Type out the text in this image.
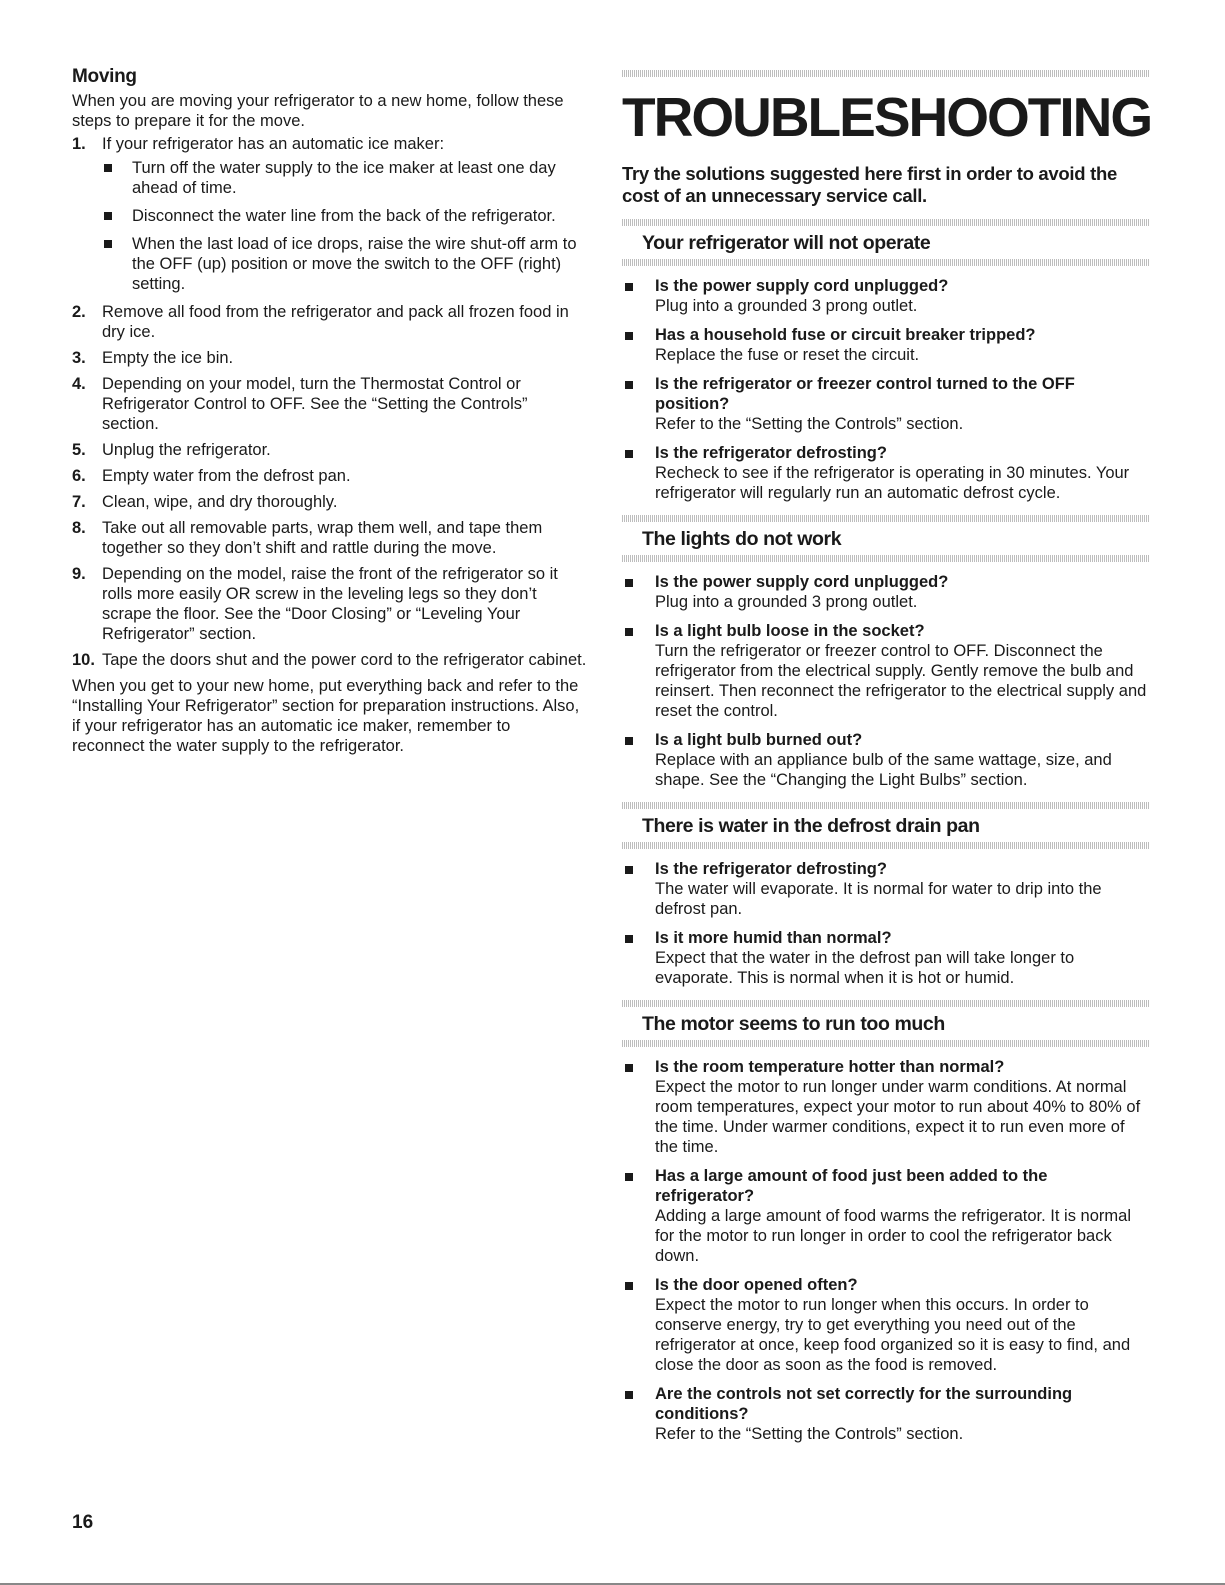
Moving

When you are moving your refrigerator to a new home, follow these steps to prepare it for the move.

1. If your refrigerator has an automatic ice maker:
Turn off the water supply to the ice maker at least one day ahead of time.
Disconnect the water line from the back of the refrigerator.
When the last load of ice drops, raise the wire shut-off arm to the OFF (up) position or move the switch to the OFF (right) setting.
2. Remove all food from the refrigerator and pack all frozen food in dry ice.
3. Empty the ice bin.
4. Depending on your model, turn the Thermostat Control or Refrigerator Control to OFF. See the “Setting the Controls” section.
5. Unplug the refrigerator.
6. Empty water from the defrost pan.
7. Clean, wipe, and dry thoroughly.
8. Take out all removable parts, wrap them well, and tape them together so they don’t shift and rattle during the move.
9. Depending on the model, raise the front of the refrigerator so it rolls more easily OR screw in the leveling legs so they don’t scrape the floor. See the “Door Closing” or “Leveling Your Refrigerator” section.
10. Tape the doors shut and the power cord to the refrigerator cabinet.

When you get to your new home, put everything back and refer to the “Installing Your Refrigerator” section for preparation instructions. Also, if your refrigerator has an automatic ice maker, remember to reconnect the water supply to the refrigerator.

TROUBLESHOOTING

Try the solutions suggested here first in order to avoid the cost of an unnecessary service call.

Your refrigerator will not operate
Is the power supply cord unplugged?
Plug into a grounded 3 prong outlet.
Has a household fuse or circuit breaker tripped?
Replace the fuse or reset the circuit.
Is the refrigerator or freezer control turned to the OFF position?
Refer to the “Setting the Controls” section.
Is the refrigerator defrosting?
Recheck to see if the refrigerator is operating in 30 minutes. Your refrigerator will regularly run an automatic defrost cycle.
The lights do not work
Is the power supply cord unplugged?
Plug into a grounded 3 prong outlet.
Is a light bulb loose in the socket?
Turn the refrigerator or freezer control to OFF. Disconnect the refrigerator from the electrical supply. Gently remove the bulb and reinsert. Then reconnect the refrigerator to the electrical supply and reset the control.
Is a light bulb burned out?
Replace with an appliance bulb of the same wattage, size, and shape. See the “Changing the Light Bulbs” section.
There is water in the defrost drain pan
Is the refrigerator defrosting?
The water will evaporate. It is normal for water to drip into the defrost pan.
Is it more humid than normal?
Expect that the water in the defrost pan will take longer to evaporate. This is normal when it is hot or humid.
The motor seems to run too much
Is the room temperature hotter than normal?
Expect the motor to run longer under warm conditions. At normal room temperatures, expect your motor to run about 40% to 80% of the time. Under warmer conditions, expect it to run even more of the time.
Has a large amount of food just been added to the refrigerator?
Adding a large amount of food warms the refrigerator. It is normal for the motor to run longer in order to cool the refrigerator back down.
Is the door opened often?
Expect the motor to run longer when this occurs. In order to conserve energy, try to get everything you need out of the refrigerator at once, keep food organized so it is easy to find, and close the door as soon as the food is removed.
Are the controls not set correctly for the surrounding conditions?
Refer to the “Setting the Controls” section.
16
